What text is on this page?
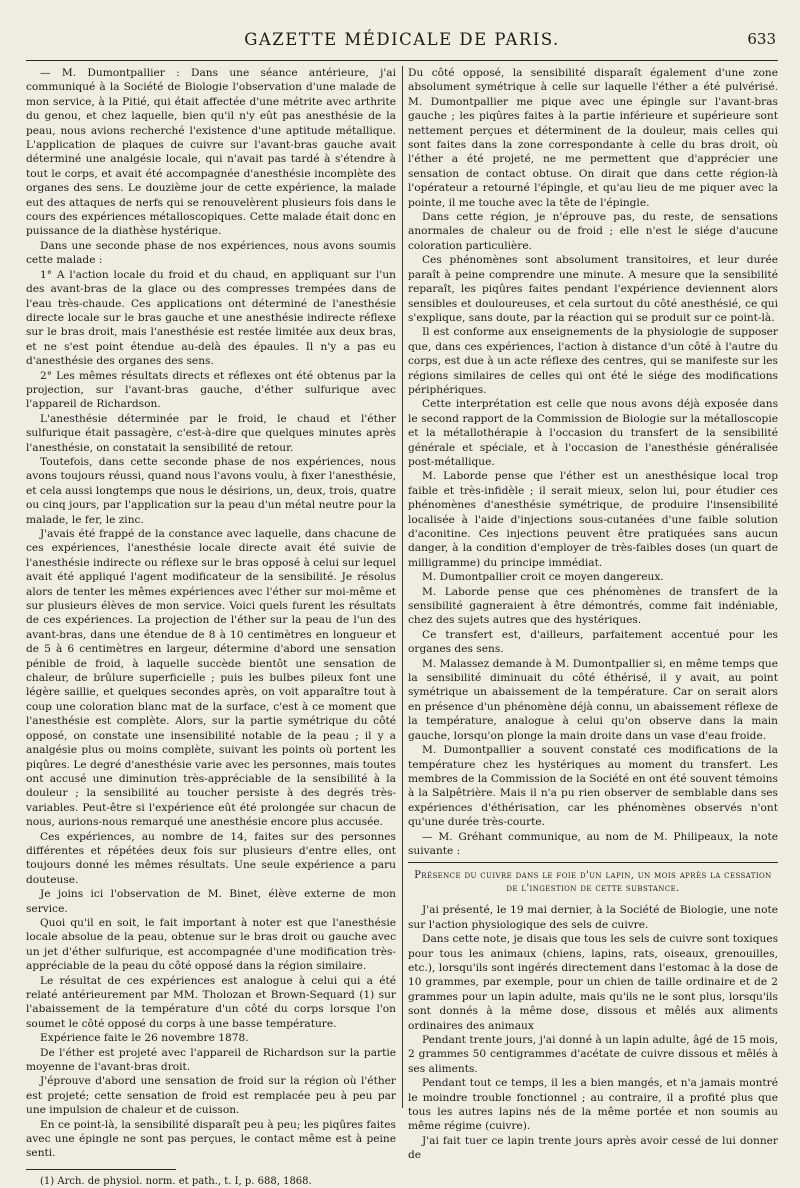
GAZETTE MÉDICALE DE PARIS.	633

— M. Dumontpallier : Dans une séance antérieure, j'ai communiqué à la Société de Biologie l'observation d'une malade de mon service, à la Pitié, qui était affectée d'une métrite avec arthrite du genou, et chez laquelle, bien qu'il n'y eût pas anesthésie de la peau, nous avions recherché l'existence d'une aptitude métallique. L'application de plaques de cuivre sur l'avant-bras gauche avait déterminé une analgésie locale, qui n'avait pas tardé à s'étendre à tout le corps, et avait été accompagnée d'anesthésie incomplète des organes des sens. Le douzième jour de cette expérience, la malade eut des attaques de nerfs qui se renouvelèrent plusieurs fois dans le cours des expériences métalloscopiques. Cette malade était donc en puissance de la diathèse hystérique.

Dans une seconde phase de nos expériences, nous avons soumis cette malade :

1° A l'action locale du froid et du chaud, en appliquant sur l'un des avant-bras de la glace ou des compresses trempées dans de l'eau très-chaude. Ces applications ont déterminé de l'anesthésie directe locale sur le bras gauche et une anesthésie indirecte réflexe sur le bras droit, mais l'anesthésie est restée limitée aux deux bras, et ne s'est point étendue au-delà des épaules. Il n'y a pas eu d'anesthésie des organes des sens.

2° Les mêmes résultats directs et réflexes ont été obtenus par la projection, sur l'avant-bras gauche, d'éther sulfurique avec l'appareil de Richardson.

L'anesthésie déterminée par le froid, le chaud et l'éther sulfurique était passagère, c'est-à-dire que quelques minutes après l'anesthésie, on constatait la sensibilité de retour.

Toutefois, dans cette seconde phase de nos expériences, nous avons toujours réussi, quand nous l'avons voulu, à fixer l'anesthésie, et cela aussi longtemps que nous le désirions, un, deux, trois, quatre ou cinq jours, par l'application sur la peau d'un métal neutre pour la malade, le fer, le zinc.

J'avais été frappé de la constance avec laquelle, dans chacune de ces expériences, l'anesthésie locale directe avait été suivie de l'anesthésie indirecte ou réflexe sur le bras opposé à celui sur lequel avait été appliqué l'agent modificateur de la sensibilité. Je résolus alors de tenter les mêmes expériences avec l'éther sur moi-même et sur plusieurs élèves de mon service. Voici quels furent les résultats de ces expériences. La projection de l'éther sur la peau de l'un des avant-bras, dans une étendue de 8 à 10 centimètres en longueur et de 5 à 6 centimètres en largeur, détermine d'abord une sensation pénible de froid, à laquelle succède bientôt une sensation de chaleur, de brûlure superficielle ; puis les bulbes pileux font une légère saillie, et quelques secondes après, on voit apparaître tout à coup une coloration blanc mat de la surface, c'est à ce moment que l'anesthésie est complète. Alors, sur la partie symétrique du côté opposé, on constate une insensibilité notable de la peau ; il y a analgésie plus ou moins complète, suivant les points où portent les piqûres. Le degré d'anesthésie varie avec les personnes, mais toutes ont accusé une diminution très-appréciable de la sensibilité à la douleur ; la sensibilité au toucher persiste à des degrés très-variables. Peut-être si l'expérience eût été prolongée sur chacun de nous, aurions-nous remarqué une anesthésie encore plus accusée.

Ces expériences, au nombre de 14, faites sur des personnes différentes et répétées deux fois sur plusieurs d'entre elles, ont toujours donné les mêmes résultats. Une seule expérience a paru douteuse.

Je joins ici l'observation de M. Binet, élève externe de mon service.

Quoi qu'il en soit, le fait important à noter est que l'anesthésie locale absolue de la peau, obtenue sur le bras droit ou gauche avec un jet d'éther sulfurique, est accompagnée d'une modification très-appréciable de la peau du côté opposé dans la région similaire.

Le résultat de ces expériences est analogue à celui qui a été relaté antérieurement par MM. Tholozan et Brown-Sequard (1) sur l'abaissement de la température d'un côté du corps lorsque l'on soumet le côté opposé du corps à une basse température.

Expérience faite le 26 novembre 1878.

De l'éther est projeté avec l'appareil de Richardson sur la partie moyenne de l'avant-bras droit.

J'éprouve d'abord une sensation de froid sur la région où l'éther est projeté; cette sensation de froid est remplacée peu à peu par une impulsion de chaleur et de cuisson.

En ce point-là, la sensibilité disparaît peu à peu; les piqûres faites avec une épingle ne sont pas perçues, le contact même est à peine senti.

(1) Arch. de physiol. norm. et path., t. I, p. 688, 1868.

Du côté opposé, la sensibilité disparaît également d'une zone absolument symétrique à celle sur laquelle l'éther a été pulvérisé. M. Dumontpallier me pique avec une épingle sur l'avant-bras gauche ; les piqûres faites à la partie inférieure et supérieure sont nettement perçues et déterminent de la douleur, mais celles qui sont faites dans la zone correspondante à celle du bras droit, où l'éther a été projeté, ne me permettent que d'apprécier une sensation de contact obtuse. On dirait que dans cette région-là l'opérateur a retourné l'épingle, et qu'au lieu de me piquer avec la pointe, il me touche avec la tête de l'épingle.

Dans cette région, je n'éprouve pas, du reste, de sensations anormales de chaleur ou de froid ; elle n'est le siége d'aucune coloration particulière.

Ces phénomènes sont absolument transitoires, et leur durée paraît à peine comprendre une minute. A mesure que la sensibilité reparaît, les piqûres faites pendant l'expérience deviennent alors sensibles et douloureuses, et cela surtout du côté anesthésié, ce qui s'explique, sans doute, par la réaction qui se produit sur ce point-là.

Il est conforme aux enseignements de la physiologie de supposer que, dans ces expériences, l'action à distance d'un côté à l'autre du corps, est due à un acte réflexe des centres, qui se manifeste sur les régions similaires de celles qui ont été le siége des modifications périphériques.

Cette interprétation est celle que nous avons déjà exposée dans le second rapport de la Commission de Biologie sur la métalloscopie et la métallothérapie à l'occasion du transfert de la sensibilité générale et spéciale, et à l'occasion de l'anesthésie généralisée post-métallique.

M. Laborde pense que l'éther est un anesthésique local trop faible et très-infidèle ; il serait mieux, selon lui, pour étudier ces phénomènes d'anesthésie symétrique, de produire l'insensibilité localisée à l'aide d'injections sous-cutanées d'une faible solution d'aconitine. Ces injections peuvent être pratiquées sans aucun danger, à la condition d'employer de très-faibles doses (un quart de milligramme) du principe immédiat.

M. Dumontpallier croit ce moyen dangereux.

M. Laborde pense que ces phénomènes de transfert de la sensibilité gagneraient à être démontrés, comme fait indéniable, chez des sujets autres que des hystériques.

Ce transfert est, d'ailleurs, parfaitement accentué pour les organes des sens.

M. Malassez demande à M. Dumontpallier si, en même temps que la sensibilité diminuait du côté éthérisé, il y avait, au point symétrique un abaissement de la température. Car on serait alors en présence d'un phénomène déjà connu, un abaissement réflexe de la température, analogue à celui qu'on observe dans la main gauche, lorsqu'on plonge la main droite dans un vase d'eau froide.

M. Dumontpallier a souvent constaté ces modifications de la température chez les hystériques au moment du transfert. Les membres de la Commission de la Société en ont été souvent témoins à la Salpêtrière. Mais il n'a pu rien observer de semblable dans ses expériences d'éthérisation, car les phénomènes observés n'ont qu'une durée très-courte.

— M. Gréhant communique, au nom de M. Philipeaux, la note suivante :

Présence du cuivre dans le foie d'un lapin, un mois après la cessation de l'ingestion de cette substance.

J'ai présenté, le 19 mai dernier, à la Société de Biologie, une note sur l'action physiologique des sels de cuivre.

Dans cette note, je disais que tous les sels de cuivre sont toxiques pour tous les animaux (chiens, lapins, rats, oiseaux, grenouilles, etc.), lorsqu'ils sont ingérés directement dans l'estomac à la dose de 10 grammes, par exemple, pour un chien de taille ordinaire et de 2 grammes pour un lapin adulte, mais qu'ils ne le sont plus, lorsqu'ils sont donnés à la même dose, dissous et mêlés aux aliments ordinaires des animaux

Pendant trente jours, j'ai donné à un lapin adulte, âgé de 15 mois, 2 grammes 50 centigrammes d'acétate de cuivre dissous et mêlés à ses aliments.

Pendant tout ce temps, il les a bien mangés, et n'a jamais montré le moindre trouble fonctionnel ; au contraire, il a profité plus que tous les autres lapins nés de la même portée et non soumis au même régime (cuivre).

J'ai fait tuer ce lapin trente jours après avoir cessé de lui donner de
